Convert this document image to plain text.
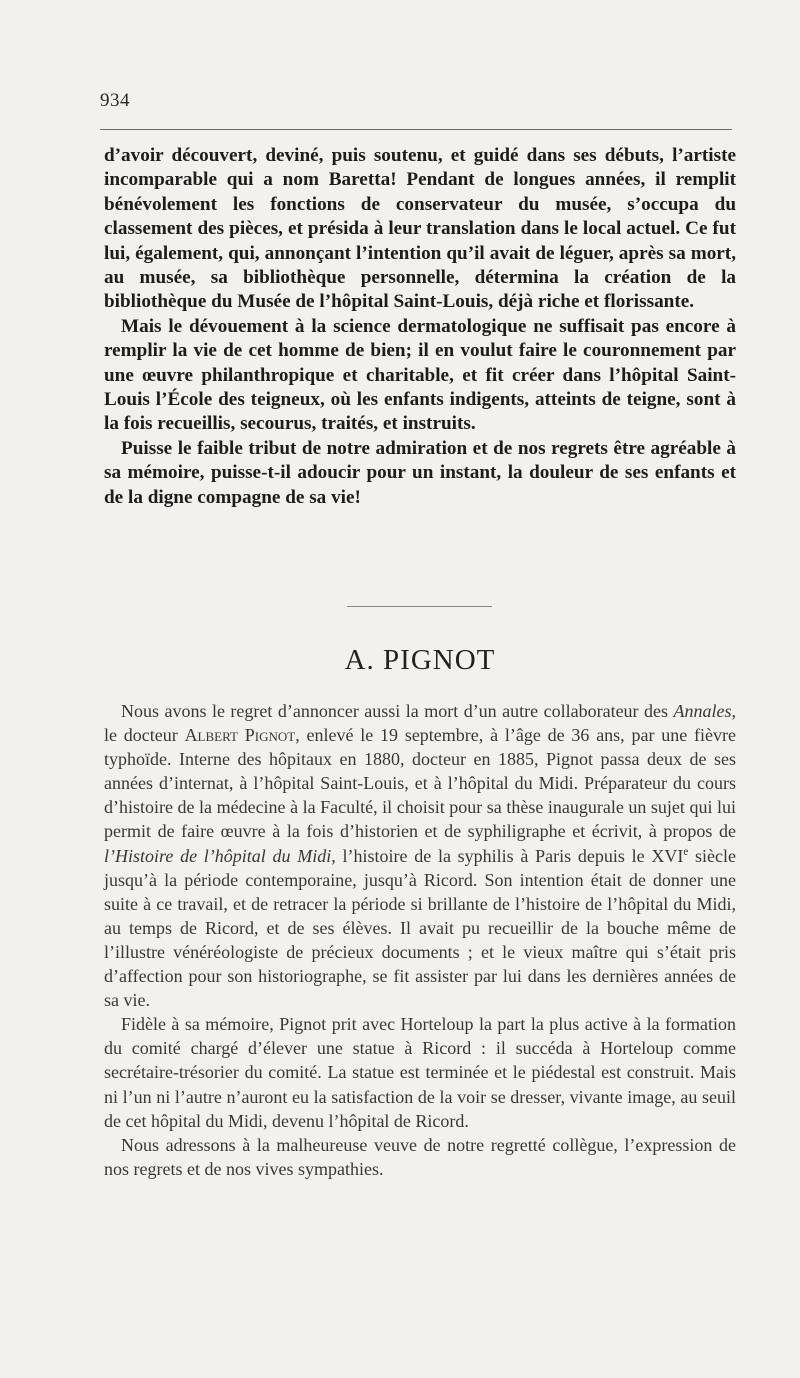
934

d’avoir découvert, deviné, puis soutenu, et guidé dans ses débuts, l’artiste incomparable qui a nom Baretta! Pendant de longues années, il remplit bénévolement les fonctions de conservateur du musée, s’occupa du classement des pièces, et présida à leur translation dans le local actuel. Ce fut lui, également, qui, annonçant l’intention qu’il avait de léguer, après sa mort, au musée, sa bibliothèque personnelle, détermina la création de la bibliothèque du Musée de l’hôpital Saint-Louis, déjà riche et florissante.

Mais le dévouement à la science dermatologique ne suffisait pas encore à remplir la vie de cet homme de bien; il en voulut faire le couronnement par une œuvre philanthropique et charitable, et fit créer dans l’hôpital Saint-Louis l’École des teigneux, où les enfants indigents, atteints de teigne, sont à la fois recueillis, secourus, traités, et instruits.

Puisse le faible tribut de notre admiration et de nos regrets être agréable à sa mémoire, puisse-t-il adoucir pour un instant, la douleur de ses enfants et de la digne compagne de sa vie!

A. PIGNOT

Nous avons le regret d’annoncer aussi la mort d’un autre collaborateur des Annales, le docteur Albert Pignot, enlevé le 19 septembre, à l’âge de 36 ans, par une fièvre typhoïde. Interne des hôpitaux en 1880, docteur en 1885, Pignot passa deux de ses années d’internat, à l’hôpital Saint-Louis, et à l’hôpital du Midi. Préparateur du cours d’histoire de la médecine à la Faculté, il choisit pour sa thèse inaugurale un sujet qui lui permit de faire œuvre à la fois d’historien et de syphiligraphe et écrivit, à propos de l’Histoire de l’hôpital du Midi, l’histoire de la syphilis à Paris depuis le XVIe siècle jusqu’à la période contemporaine, jusqu’à Ricord. Son intention était de donner une suite à ce travail, et de retracer la période si brillante de l’histoire de l’hôpital du Midi, au temps de Ricord, et de ses élèves. Il avait pu recueillir de la bouche même de l’illustre vénéréologiste de précieux documents ; et le vieux maître qui s’était pris d’affection pour son historiographe, se fit assister par lui dans les dernières années de sa vie.

Fidèle à sa mémoire, Pignot prit avec Horteloup la part la plus active à la formation du comité chargé d’élever une statue à Ricord : il succéda à Horteloup comme secrétaire-trésorier du comité. La statue est terminée et le piédestal est construit. Mais ni l’un ni l’autre n’auront eu la satisfaction de la voir se dresser, vivante image, au seuil de cet hôpital du Midi, devenu l’hôpital de Ricord.

Nous adressons à la malheureuse veuve de notre regretté collègue, l’expression de nos regrets et de nos vives sympathies.
